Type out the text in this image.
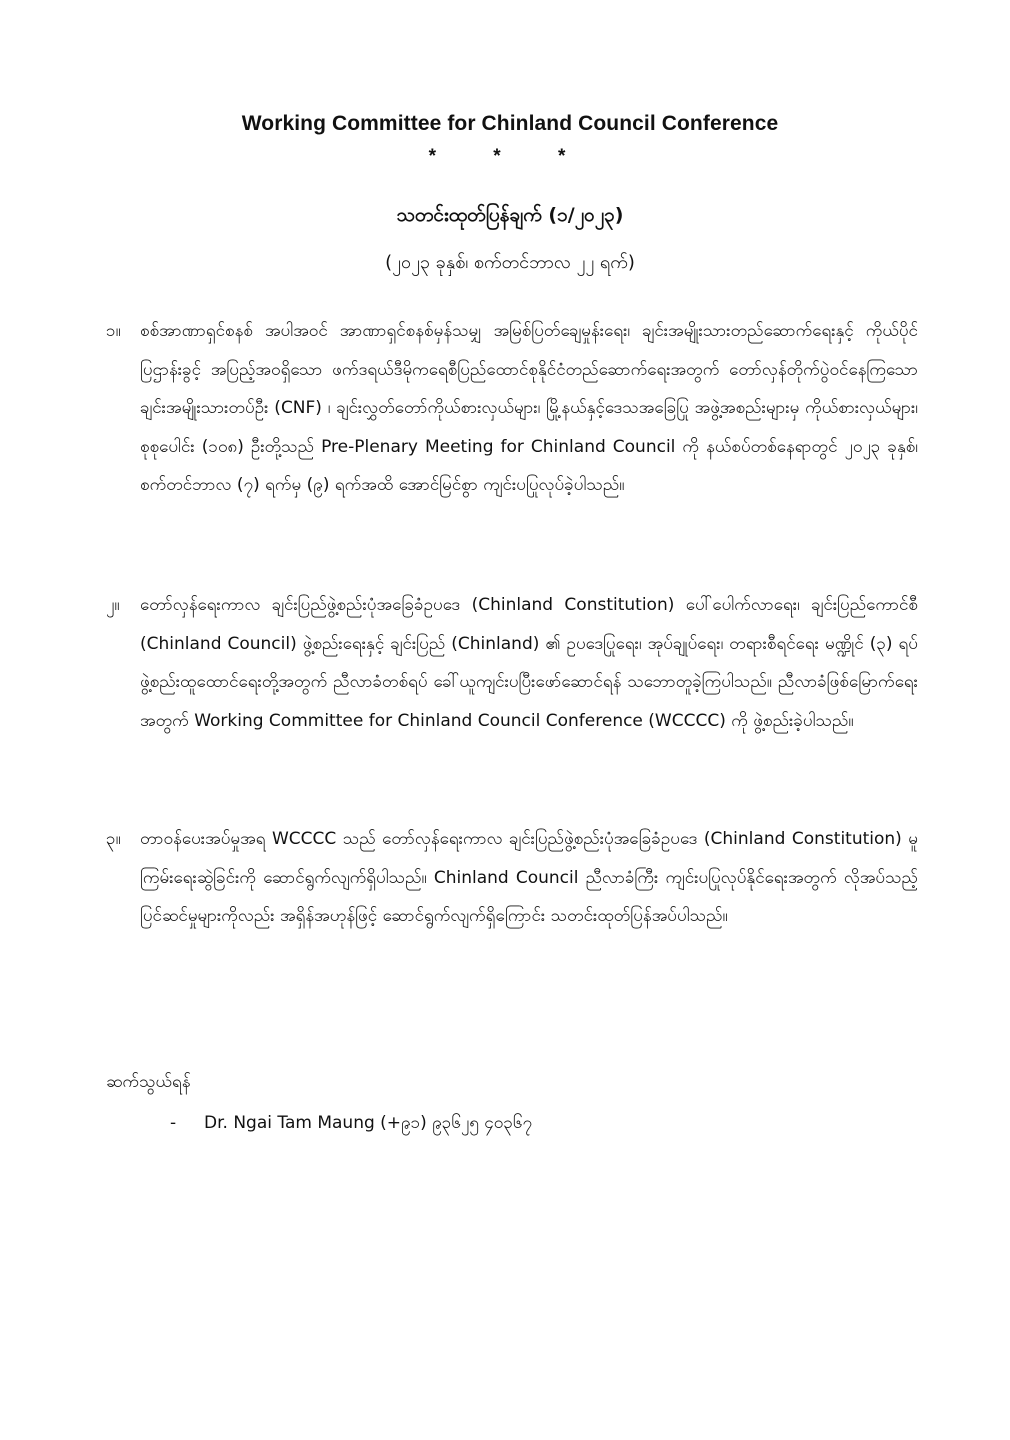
Working Committee for Chinland Council Conference
* * *
သတင်းထုတ်ပြန်ချက် (၁/၂၀၂၃)
(၂၀၂၃ ခုနှစ်၊ စက်တင်ဘာလ ၂၂ ရက်)
၁။	စစ်အာဏာရှင်စနစ် အပါအဝင် အာဏာရှင်စနစ်မှန်သမျှ အမြစ်ပြတ်ချေမှုန်းရေး၊ ချင်းအမျိုးသားတည်ဆောက်ရေးနှင့် ကိုယ်ပိုင်ပြဌာန်းခွင့် အပြည့်အဝရှိသော ဖက်ဒရယ်ဒီမိုကရေစီပြည်ထောင်စုနိုင်ငံတည်ဆောက်ရေးအတွက် တော်လှန်တိုက်ပွဲဝင်နေကြသော ချင်းအမျိုးသားတပ်ဦး (CNF) ၊ ချင်းလွှတ်တော်ကိုယ်စားလှယ်များ၊ မြို့နယ်နှင့်ဒေသအခြေပြု အဖွဲ့အစည်းများမှ ကိုယ်စားလှယ်များ၊ စုစုပေါင်း (၁၀၈) ဦးတို့သည် Pre-Plenary Meeting for Chinland Council ကို နယ်စပ်တစ်နေရာတွင် ၂၀၂၃ ခုနှစ်၊ စက်တင်ဘာလ (၇) ရက်မှ (၉) ရက်အထိ အောင်မြင်စွာ ကျင်းပပြုလုပ်ခဲ့ပါသည်။
၂။	တော်လှန်ရေးကာလ ချင်းပြည်ဖွဲ့စည်းပုံအခြေခံဥပဒေ (Chinland Constitution) ပေါ်ပေါက်လာရေး၊ ချင်းပြည်ကောင်စီ (Chinland Council) ဖွဲ့စည်းရေးနှင့် ချင်းပြည် (Chinland) ၏ ဥပဒေပြုရေး၊ အုပ်ချုပ်ရေး၊ တရားစီရင်ရေး မဏ္ဍိုင် (၃) ရပ် ဖွဲ့စည်းထူထောင်ရေးတို့အတွက် ညီလာခံတစ်ရပ် ခေါ်ယူကျင်းပပြီးဖော်ဆောင်ရန် သဘောတူခဲ့ကြပါသည်။ ညီလာခံဖြစ်မြောက်ရေးအတွက် Working Committee for Chinland Council Conference (WCCCC) ကို ဖွဲ့စည်းခဲ့ပါသည်။
၃။	တာဝန်ပေးအပ်မှုအရ WCCCC သည် တော်လှန်ရေးကာလ ချင်းပြည်ဖွဲ့စည်းပုံအခြေခံဥပဒေ (Chinland Constitution) မူကြမ်းရေးဆွဲခြင်းကို ဆောင်ရွက်လျက်ရှိပါသည်။ Chinland Council ညီလာခံကြီး ကျင်းပပြုလုပ်နိုင်ရေးအတွက် လိုအပ်သည့် ပြင်ဆင်မှုများကိုလည်း အရှိန်အဟုန်ဖြင့် ဆောင်ရွက်လျက်ရှိကြောင်း သတင်းထုတ်ပြန်အပ်ပါသည်။
ဆက်သွယ်ရန်
- Dr. Ngai Tam Maung (+၉၁) ၉၃၆၂၅ ၄၀၃၆၇
